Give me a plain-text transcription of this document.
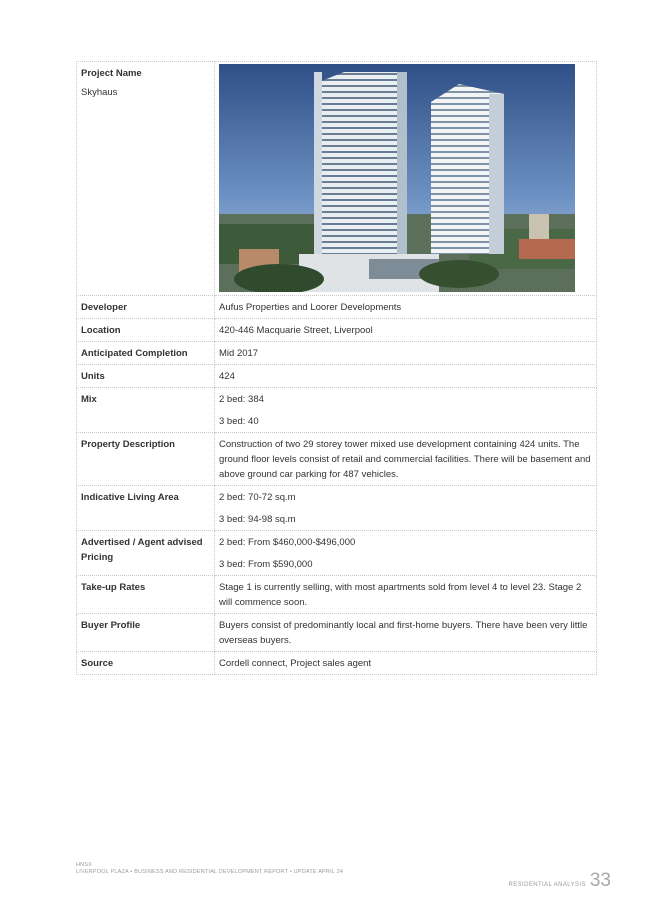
Project Name
Skyhaus

Developer	Aufus Properties and Loorer Developments

Location	420-446 Macquarie Street, Liverpool

Anticipated Completion	Mid 2017

Units	424

Mix	2 bed: 384
3 bed: 40

Property Description	Construction of two 29 storey tower mixed use development containing 424 units. The ground floor levels consist of retail and commercial facilities. There will be basement and above ground car parking for 487 vehicles.

Indicative Living Area	2 bed: 70-72 sq.m
3 bed: 94-98 sq.m

Advertised / Agent advised Pricing	2 bed: From $460,000-$496,000
3 bed: From $590,000

Take-up Rates	Stage 1 is currently selling, with most apartments sold from level 4 to level 23. Stage 2 will commence soon.

Buyer Profile	Buyers consist of predominantly local and first-home buyers. There have been very little overseas buyers.

Source	Cordell connect, Project sales agent
HNSX
LIVERPOOL PLAZA • BUSINESS AND RESIDENTIAL DEVELOPMENT REPORT • UPDATE APRIL 24
RESIDENTIAL ANALYSIS 33
